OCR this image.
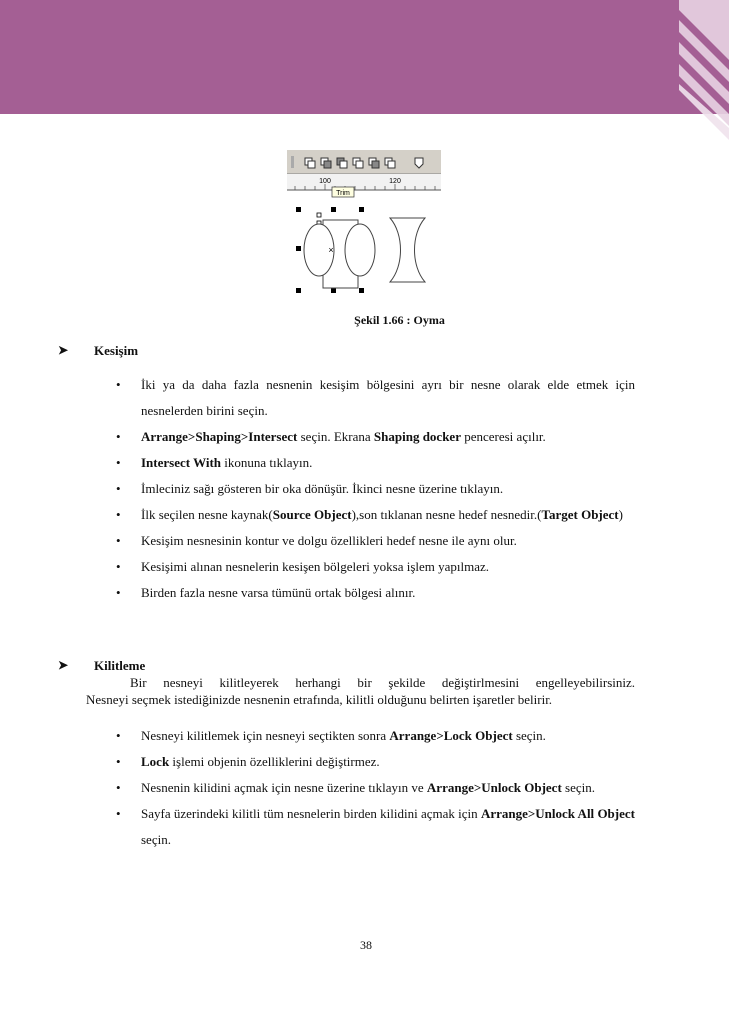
100	120
Trim
×
Şekil 1.66 : Oyma
➤ Kesişim
• İki ya da daha fazla nesnenin kesişim bölgesini ayrı bir nesne olarak elde etmek için nesnelerden birini seçin.
• Arrange>Shaping>Intersect seçin. Ekrana Shaping docker penceresi açılır.
• Intersect With ikonuna tıklayın.
• İmleciniz sağı gösteren bir oka dönüşür. İkinci nesne üzerine tıklayın.
• İlk seçilen nesne kaynak(Source Object),son tıklanan nesne hedef nesnedir.(Target Object)
• Kesişim nesnesinin kontur ve dolgu özellikleri hedef nesne ile aynı olur.
• Kesişimi alınan nesnelerin kesişen bölgeleri yoksa işlem yapılmaz.
• Birden fazla nesne varsa tümünü ortak bölgesi alınır.
➤ Kilitleme
Bir nesneyi kilitleyerek herhangi bir şekilde değiştirlmesini engelleyebilirsiniz.
Nesneyi seçmek istediğinizde nesnenin etrafında, kilitli olduğunu belirten işaretler belirir.
• Nesneyi kilitlemek için nesneyi seçtikten sonra Arrange>Lock Object seçin.
• Lock işlemi objenin özelliklerini değiştirmez.
• Nesnenin kilidini açmak için nesne üzerine tıklayın ve Arrange>Unlock Object seçin.
• Sayfa üzerindeki kilitli tüm nesnelerin birden kilidini açmak için Arrange>Unlock All Object seçin.
38
